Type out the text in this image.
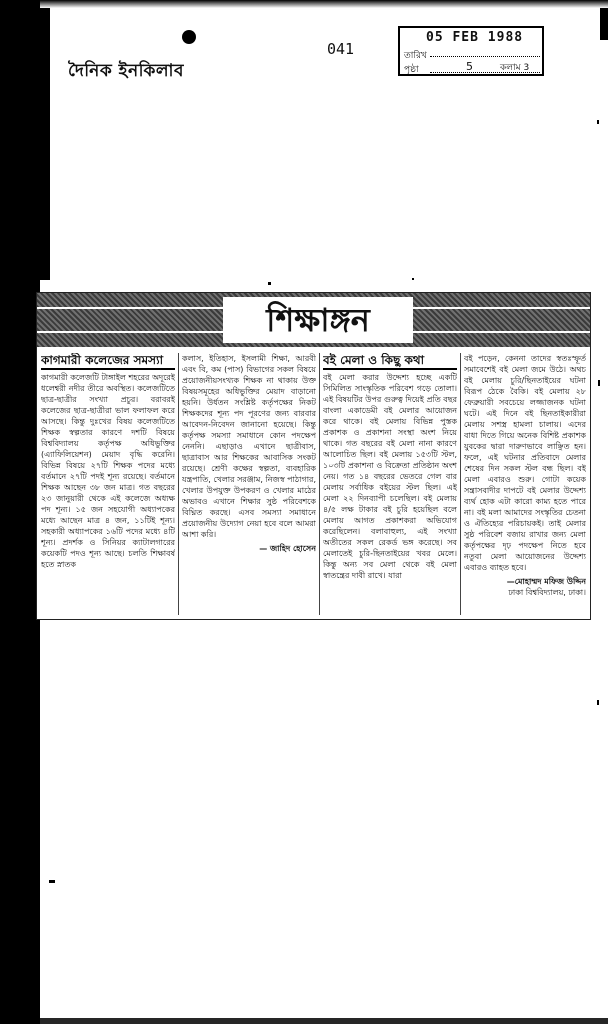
দৈনিক ইনকিলাব
041
05 FEB 1988
তারিখ
পৃষ্ঠা	5	কলাম 3
শিক্ষাঙ্গন
কাগমারী কলেজের সমস্যা
কাগমারী কলেজটি টাঙ্গাইল শহরের অদূরেই ধলেশ্বরী নদীর তীরে অবস্থিত। কলেজটিতে ছাত্র-ছাত্রীর সংখ্যা প্রচুর। বরাবরই কলেজের ছাত্র-ছাত্রীরা ভাল ফলাফল করে আসছে। কিন্তু দুঃখের বিষয় কলেজটিতে শিক্ষক স্বল্পতার কারণে দশটি বিষয়ে বিশ্ববিদ্যালয় কর্তৃপক্ষ অধিভুক্তির (এ্যাফিলিয়েশন) মেয়াদ বৃদ্ধি করেনি। বিভিন্ন বিষয়ে ২৭টি শিক্ষক পদের মধ্যে বর্তমানে ২৭টি পদই শূন্য রয়েছে। বর্তমানে শিক্ষক আছেন ৩৮ জন মাত্র। গত বছরের ২৩ জানুয়ারী থেকে এই কলেজে অধ্যক্ষ পদ শূন্য। ১৫ জন সহযোগী অধ্যাপকের মধ্যে আছেন মাত্র ৪ জন, ১১টিই শূন্য। সহকারী অধ্যাপকের ১৬টি পদের মধ্যে ৪টি শূন্য। প্রদর্শক ও সিনিয়র ক্যাটালগারের কয়েকটি পদও শূন্য আছে। চলতি শিক্ষাবর্ষ হতে স্নাতক
কলাস, ইতিহাস, ইসলামী শিক্ষা, আরবী এবং বি, কম (পাস) বিভাগের সকল বিষয়ে প্রয়োজনীয়সংখ্যক শিক্ষক না থাকায় উক্ত বিষয়সমূহের অধিভুক্তির মেয়াদ বাড়ানো হয়নি। উর্ধতন সংশ্লিষ্ট কর্তৃপক্ষের নিকট শিক্ষকদের শূন্য পদ পূরণের জন্য বারবার আবেদন-নিবেদন জানানো হয়েছে। কিন্তু কর্তৃপক্ষ সমস্যা সমাধানে কোন পদক্ষেপ নেননি। এছাড়াও এখানে ছাত্রীবাস, ছাত্রাবাস আর শিক্ষকের আবাসিক সংকট রয়েছে। শ্রেণী কক্ষের স্বল্পতা, ব্যবহারিক যন্ত্রপাতি, খেলার সরঞ্জাম, নিজস্ব পাঠাগার, খেলার উপযুক্ত উপকরণ ও খেলার মাঠের অভাবও এখানে শিক্ষার সুষ্ঠ পরিবেশকে বিঘ্নিত করছে। এসব সমস্যা সমাধানে প্রয়োজনীয় উদ্যোগ নেয়া হবে বলে আমরা আশা করি।
— জাহিদ হোসেন
বই মেলা ও কিছু কথা
বই মেলা করার উদ্দেশ্য হচ্ছে একটি সিমিলিত সাংস্কৃতিক পরিবেশ গড়ে তোলা। এই বিষয়টির উপর গুরুত্ব দিয়েই প্রতি বছর বাংলা একাডেমী বই মেলার আয়োজন করে থাকে। বই মেলায় বিভিন্ন পুস্তক প্রকাশক ও প্রকাশনা সংস্থা অংশ নিয়ে থাকে। গত বছরের বই মেলা নানা কারণে আলোচিত ছিল। বই মেলায় ১৫৩টি স্টল, ১০৩টি প্রকাশনা ও বিক্রেতা প্রতিষ্ঠান অংশ নেয়। গত ১৪ বছরের ভেতরে গেল বার মেলায় সর্বাধিক বইয়ের স্টল ছিল। এই মেলা ২২ দিনব্যাপী চলেছিল। বই মেলায় ৪/৫ লক্ষ টাকার বই চুরি হয়েছিল বলে মেলায় আগত প্রকাশকরা অভিযোগ করেছিলেন। বলাবাহুল্য, এই সংখ্যা অতীতের সকল রেকর্ড ভঙ্গ করেছে। সব মেলাতেই চুরি-ছিনতাইয়ের খবর মেলে। কিন্তু অন্য সব মেলা থেকে বই মেলা স্বাতন্ত্রের দাবী রাখে। যারা
বই পড়েন, কেননা তাদের স্বতঃস্ফূর্ত সমাবেশেই বই মেলা জমে উঠে। অথচ বই মেলায় চুরি/ছিনতাইয়ের ঘটনা বিরূপ ঠেকে বৈকি। বই মেলায় ২৮ ফেব্রুয়ারী সবচেয়ে লজ্জাজনক ঘটনা ঘটে। এই দিনে বই ছিনতাইকারীরা মেলায় সশস্ত্র হামলা চালায়। এদের বাধা দিতে গিয়ে অনেক বিশিষ্ট প্রকাশক যুবকের দ্বারা দারুণভাবে লাঞ্ছিত হন। ফলে, এই ঘটনার প্রতিবাদে মেলার শেষের দিন সকল স্টল বন্ধ ছিল। বই মেলা এবারও শুরু। গোটা কয়েক সন্ত্রাসবাদীর দাপটে বই মেলার উদ্দেশ্য ব্যর্থ হোক এটা কারো কাম্য হতে পারে না। বই মলা আমাদের সংস্কৃতির চেতনা ও ঐতিহ্যের পরিচায়কই। তাই মেলার সুষ্ঠ পরিবেশ বজায় রাখার জন্য মেলা কর্তৃপক্ষের দৃঢ় পদক্ষেপ নিতে হবে নতুবা মেলা আয়োজনের উদ্দেশ্য এবারও ব্যাহত হবে।
—মোহাম্মদ মফিজ উদ্দিন
ঢাকা বিশ্ববিদ্যালয়, ঢাকা।
